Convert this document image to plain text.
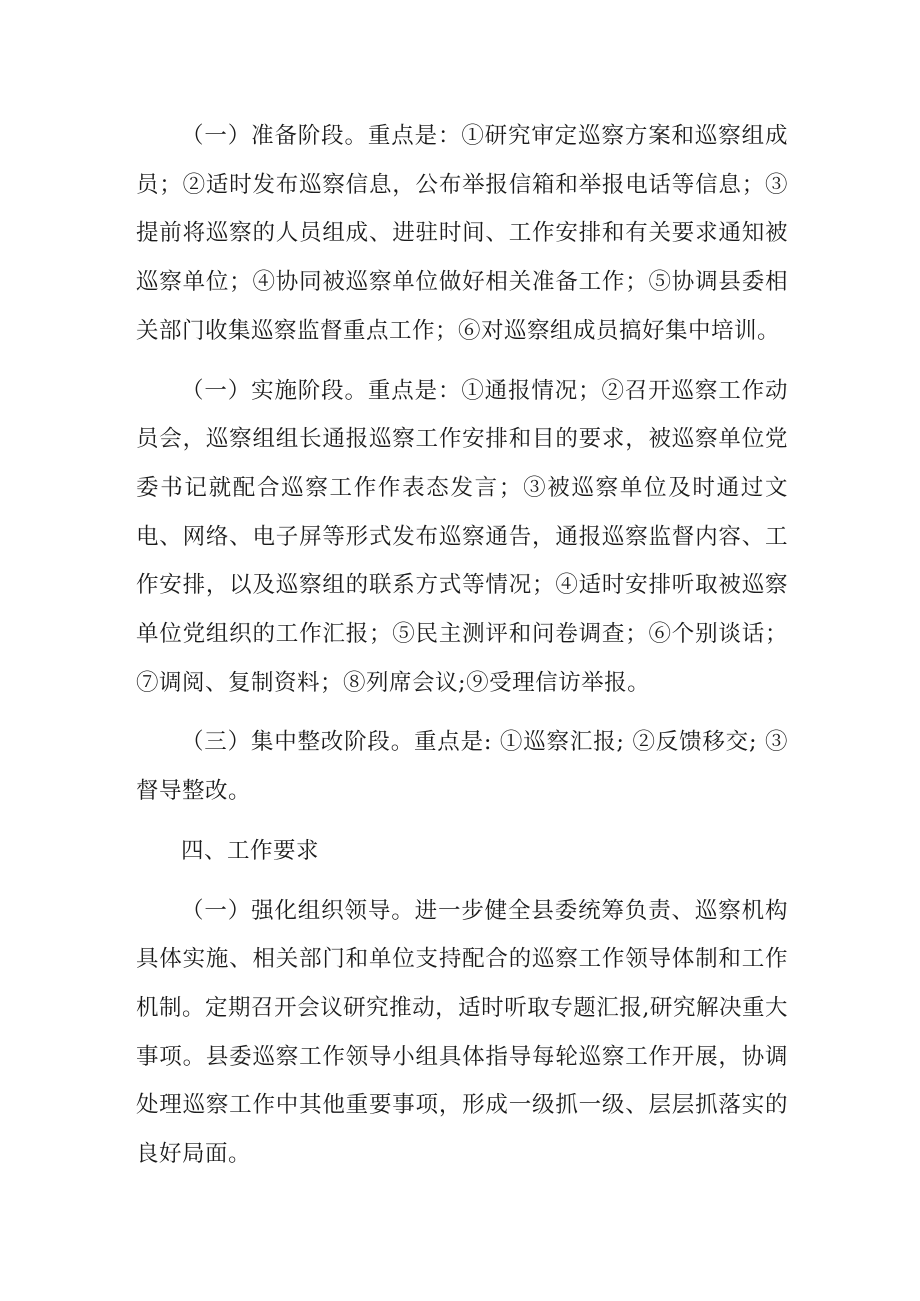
（一）准备阶段。重点是：①研究审定巡察方案和巡察组成员；②适时发布巡察信息，公布举报信箱和举报电话等信息；③提前将巡察的人员组成、进驻时间、工作安排和有关要求通知被巡察单位；④协同被巡察单位做好相关准备工作；⑤协调县委相关部门收集巡察监督重点工作；⑥对巡察组成员搞好集中培训。

（一）实施阶段。重点是：①通报情况；②召开巡察工作动员会，巡察组组长通报巡察工作安排和目的要求，被巡察单位党委书记就配合巡察工作作表态发言；③被巡察单位及时通过文电、网络、电子屏等形式发布巡察通告，通报巡察监督内容、工作安排，以及巡察组的联系方式等情况；④适时安排听取被巡察单位党组织的工作汇报；⑤民主测评和问卷调查；⑥个别谈话；⑦调阅、复制资料；⑧列席会议;⑨受理信访举报。

（三）集中整改阶段。重点是: ①巡察汇报; ②反馈移交; ③督导整改。

四、工作要求

（一）强化组织领导。进一步健全县委统筹负责、巡察机构具体实施、相关部门和单位支持配合的巡察工作领导体制和工作机制。定期召开会议研究推动，适时听取专题汇报,研究解决重大事项。县委巡察工作领导小组具体指导每轮巡察工作开展，协调处理巡察工作中其他重要事项，形成一级抓一级、层层抓落实的良好局面。
